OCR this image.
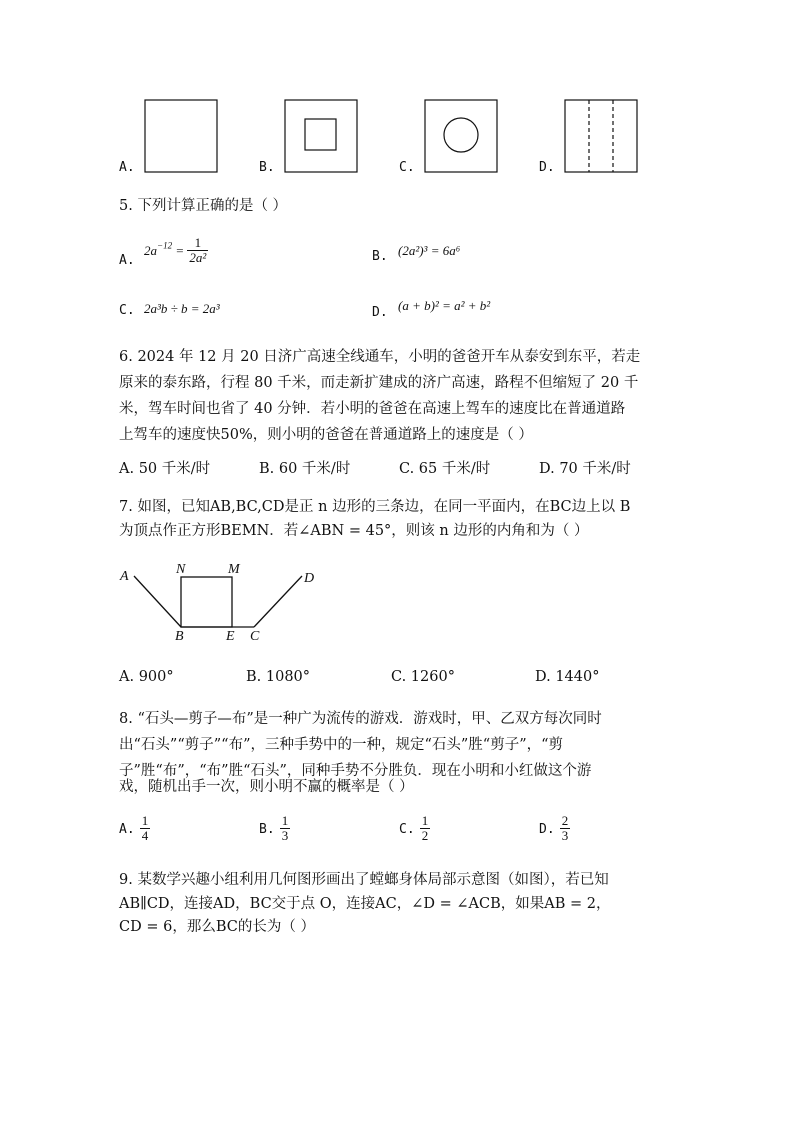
A.	B.	C.	D.
5. 下列计算正确的是（ ）
A.
$2a^{-12} = \frac{1}{\text{2a²}}$	B. (2a²)³ = 6a⁶
C. 2a³b ÷ b = 2a³	D. (a + b)² = a² + b²
6. 2024 年 12 月 20 日济广高速全线通车，小明的爸爸开车从泰安到东平，若走
原来的泰东路，行程 80 千米，而走新扩建成的济广高速，路程不但缩短了 20 千
米，驾车时间也省了 40 分钟．若小明的爸爸在高速上驾车的速度比在普通道路
上驾车的速度快50%，则小明的爸爸在普通道路上的速度是（ ）
A. 50 千米/时	B. 60 千米/时	C. 65 千米/时	D. 70 千米/时
7. 如图，已知AB,BC,CD是正 n 边形的三条边，在同一平面内，在BC边上以 B
为顶点作正方形BEMN．若∠ABN = 45°，则该 n 边形的内角和为（ ）
A	N	M
D
B	E C
A. 900°	B. 1080°	C. 1260°	D. 1440°
8. “石头—剪子—布”是一种广为流传的游戏．游戏时，甲、乙双方每次同时
出“石头”“剪子”“布”，三种手势中的一种，规定“石头”胜“剪子”，“剪
子”胜“布”，“布”胜“石头”，同种手势不分胜负．现在小明和小红做这个游
戏，随机出手一次，则小明不赢的概率是（ ）
A. $\frac{1}{4}$	B. $\frac{1}{3}$	C. $\frac{1}{2}$	D. $\frac{2}{3}$
9. 某数学兴趣小组利用几何图形画出了螳螂身体局部示意图（如图），若已知
AB∥CD，连接AD，BC交于点 O，连接AC，∠D = ∠ACB，如果AB = 2，
CD = 6，那么BC的长为（ ）
